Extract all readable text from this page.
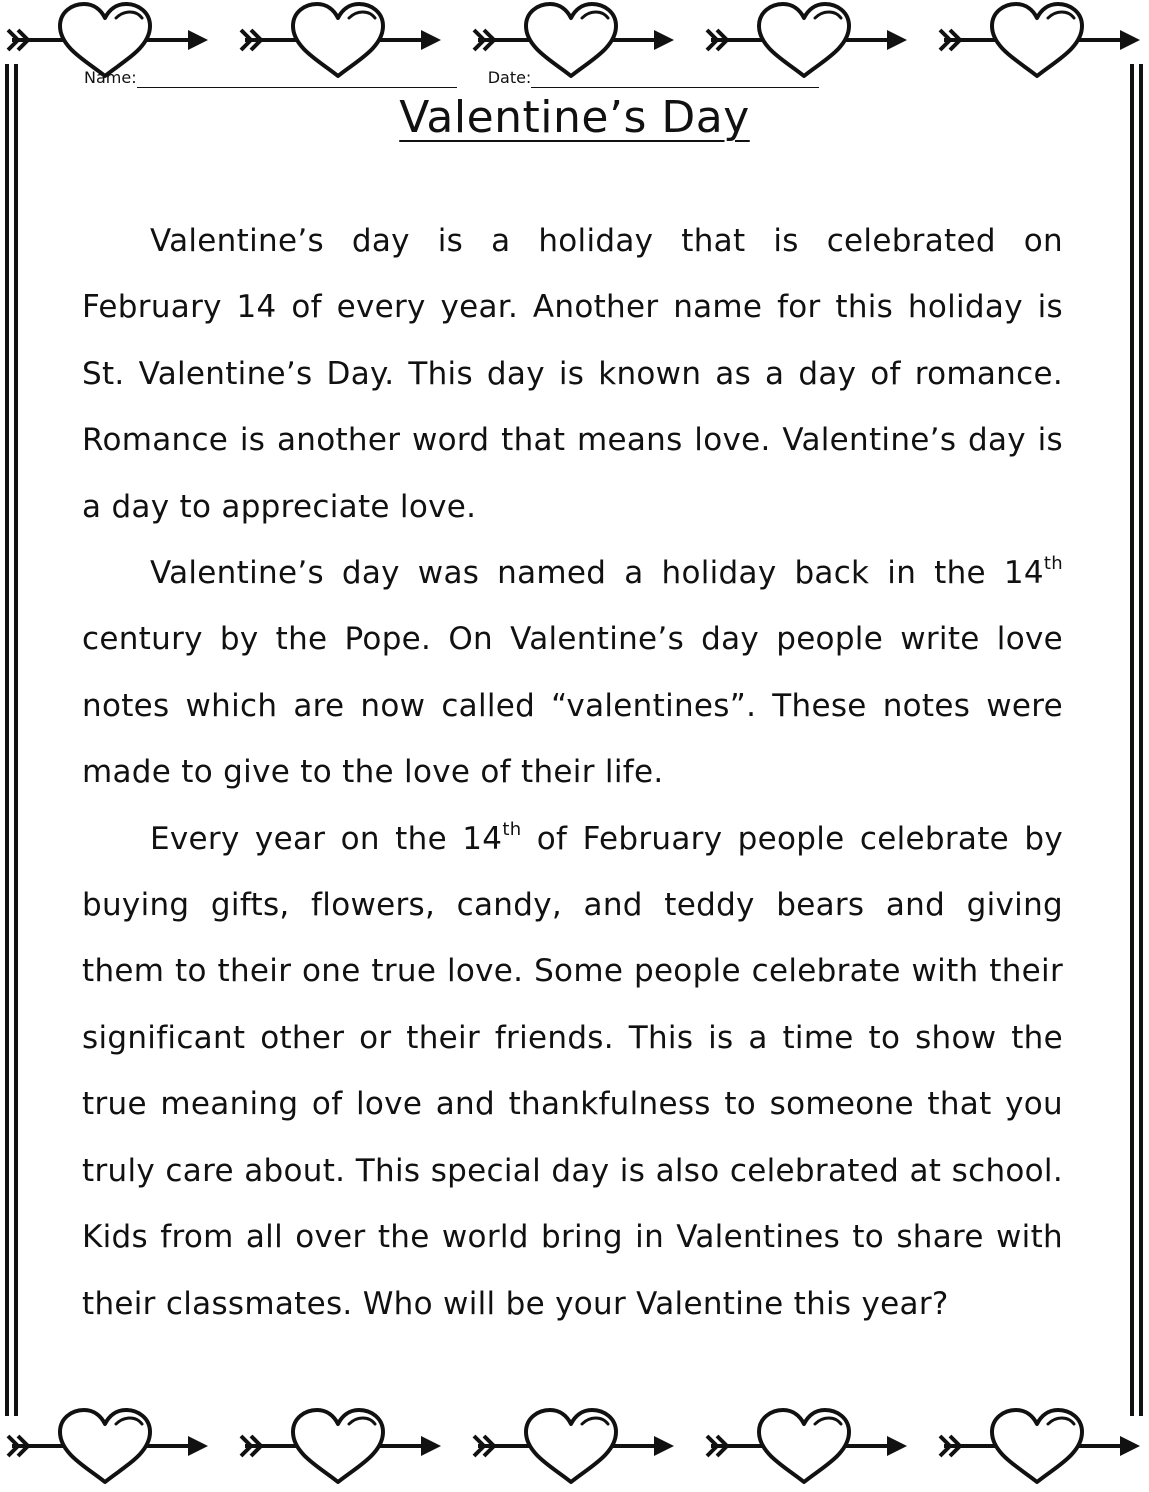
Name:	Date:
Valentine’s Day

Valentine’s day is a holiday that is celebrated on February 14 of every year. Another name for this holiday is St. Valentine’s Day. This day is known as a day of romance. Romance is another word that means love. Valentine’s day is a day to appreciate love.

Valentine’s day was named a holiday back in the 14th century by the Pope. On Valentine’s day people write love notes which are now called “valentines”. These notes were made to give to the love of their life.

Every year on the 14th of February people celebrate by buying gifts, flowers, candy, and teddy bears and giving them to their one true love. Some people celebrate with their significant other or their friends. This is a time to show the true meaning of love and thankfulness to someone that you truly care about. This special day is also celebrated at school. Kids from all over the world bring in Valentines to share with their classmates. Who will be your Valentine this year?
